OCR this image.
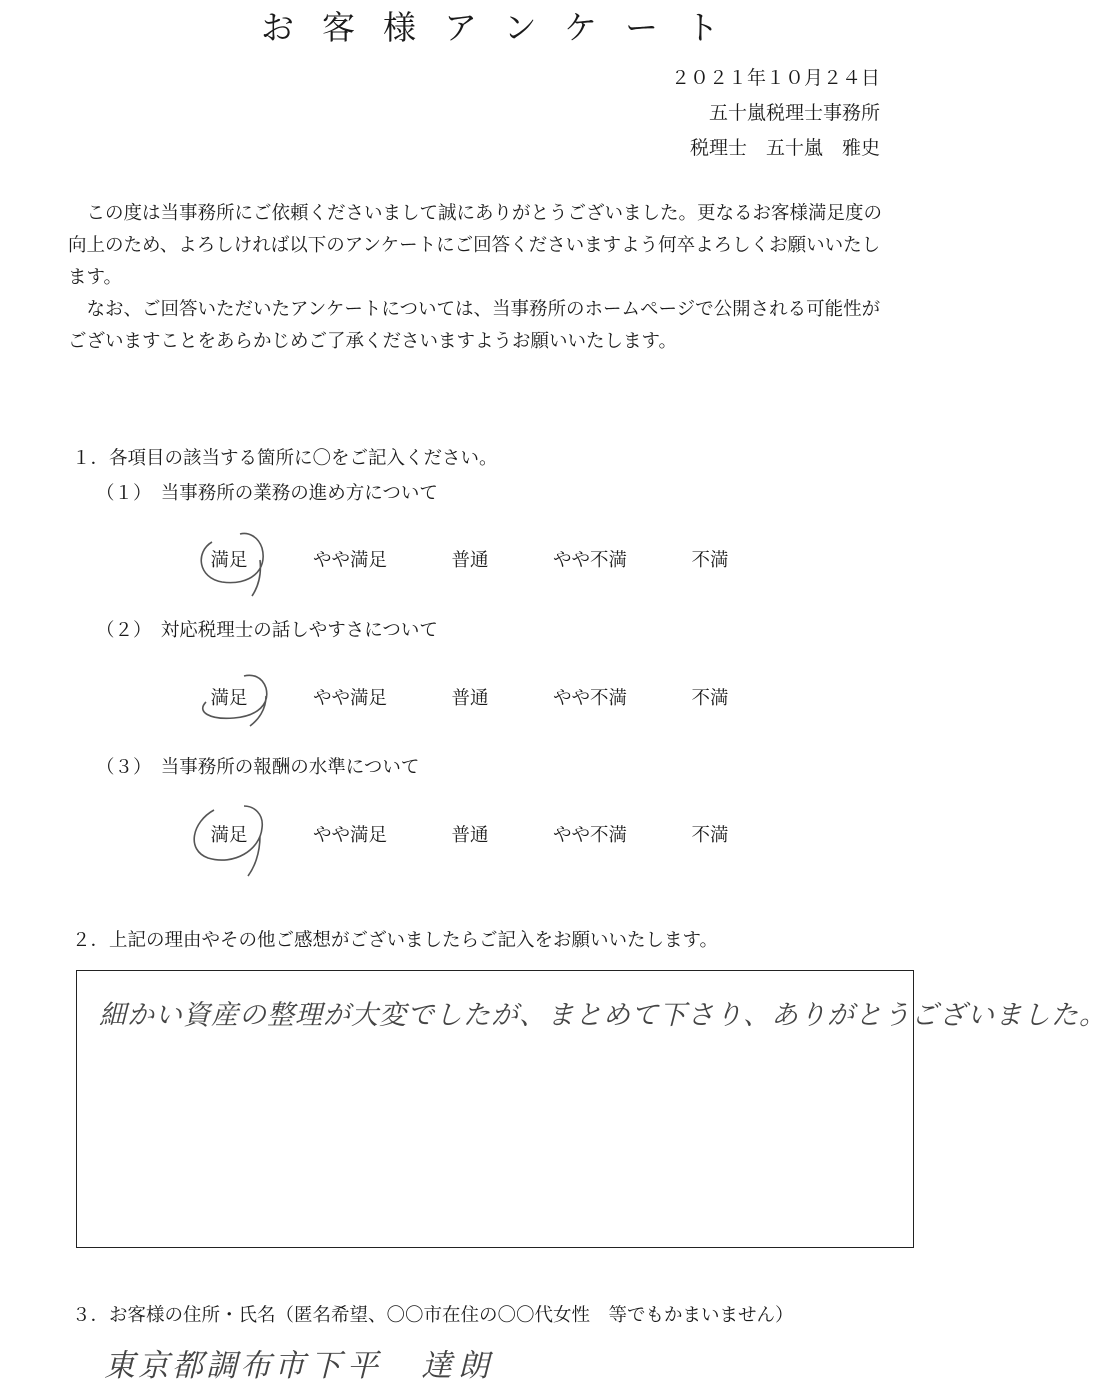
お客様アンケート
２０２１年１０月２４日
五十嵐税理士事務所
税理士　五十嵐　雅史

この度は当事務所にご依頼くださいまして誠にありがとうございました。更なるお客様満足度の向上のため、よろしければ以下のアンケートにご回答くださいますよう何卒よろしくお願いいたします。

なお、ご回答いただいたアンケートについては、当事務所のホームページで公開される可能性がございますことをあらかじめご了承くださいますようお願いいたします。

１．各項目の該当する箇所に〇をご記入ください。
（１）　当事務所の業務の進め方について
満足	やや満足	普通	やや不満	不満
（２）　対応税理士の話しやすさについて
満足	やや満足	普通	やや不満	不満
（３）　当事務所の報酬の水準について
満足	やや満足	普通	やや不満	不満
２．上記の理由やその他ご感想がございましたらご記入をお願いいたします。
細かい資産の整理が大変でしたが、まとめて下さり、ありがとうございました。
３．お客様の住所・氏名（匿名希望、〇〇市在住の〇〇代女性　等でもかまいません）
東京都調布市 下平　達朗
